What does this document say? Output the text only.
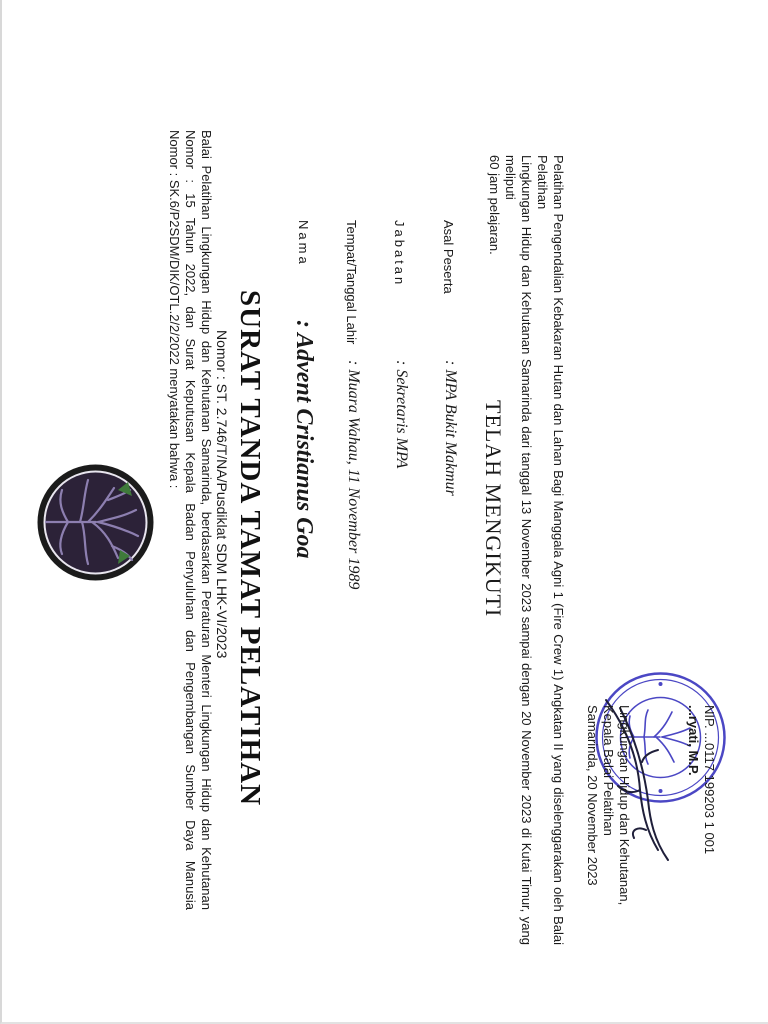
SURAT TANDA TAMAT PELATIHAN
Nomor : ST. 2.746/T/NA/Pusdiklat SDM LHK-VI/2023
Balai Pelatihan Lingkungan Hidup dan Kehutanan Samarinda, berdasarkan Peraturan Menteri Lingkungan Hidup dan Kehutanan
Nomor : 15 Tahun 2022, dan Surat Keputusan Kepala Badan Penyuluhan dan Pengembangan Sumber Daya Manusia
Nomor : SK.6/P2SDM/DIK/OTL.2/2/2022 menyatakan bahwa :	Nama
: Advent Cristianus Goa
Tempat/Tanggal Lahir
: Muara Wahau, 11 November 1989
Jabatan
: Sekretaris MPA
Asal Peserta
: MPA Bukit Makmur TELAH MENGIKUTI	Pelatihan Pengendalian Kebakaran Hutan dan Lahan Bagi Manggala Agni 1 (Fire Crew 1) Angkatan II yang diselenggarakan oleh Balai Pelatihan
Lingkungan Hidup dan Kehutanan Samarinda dari tanggal 13 November 2023 sampai dengan 20 November 2023 di Kutai Timur, yang meliputi
60 jam pelajaran.
Samarinda, 20 November 2023 Kepala Balai Pelatihan Lingkungan Hidup dan Kehutanan,	...ryati, M.P. NIP. ...0117 199203 1 001
